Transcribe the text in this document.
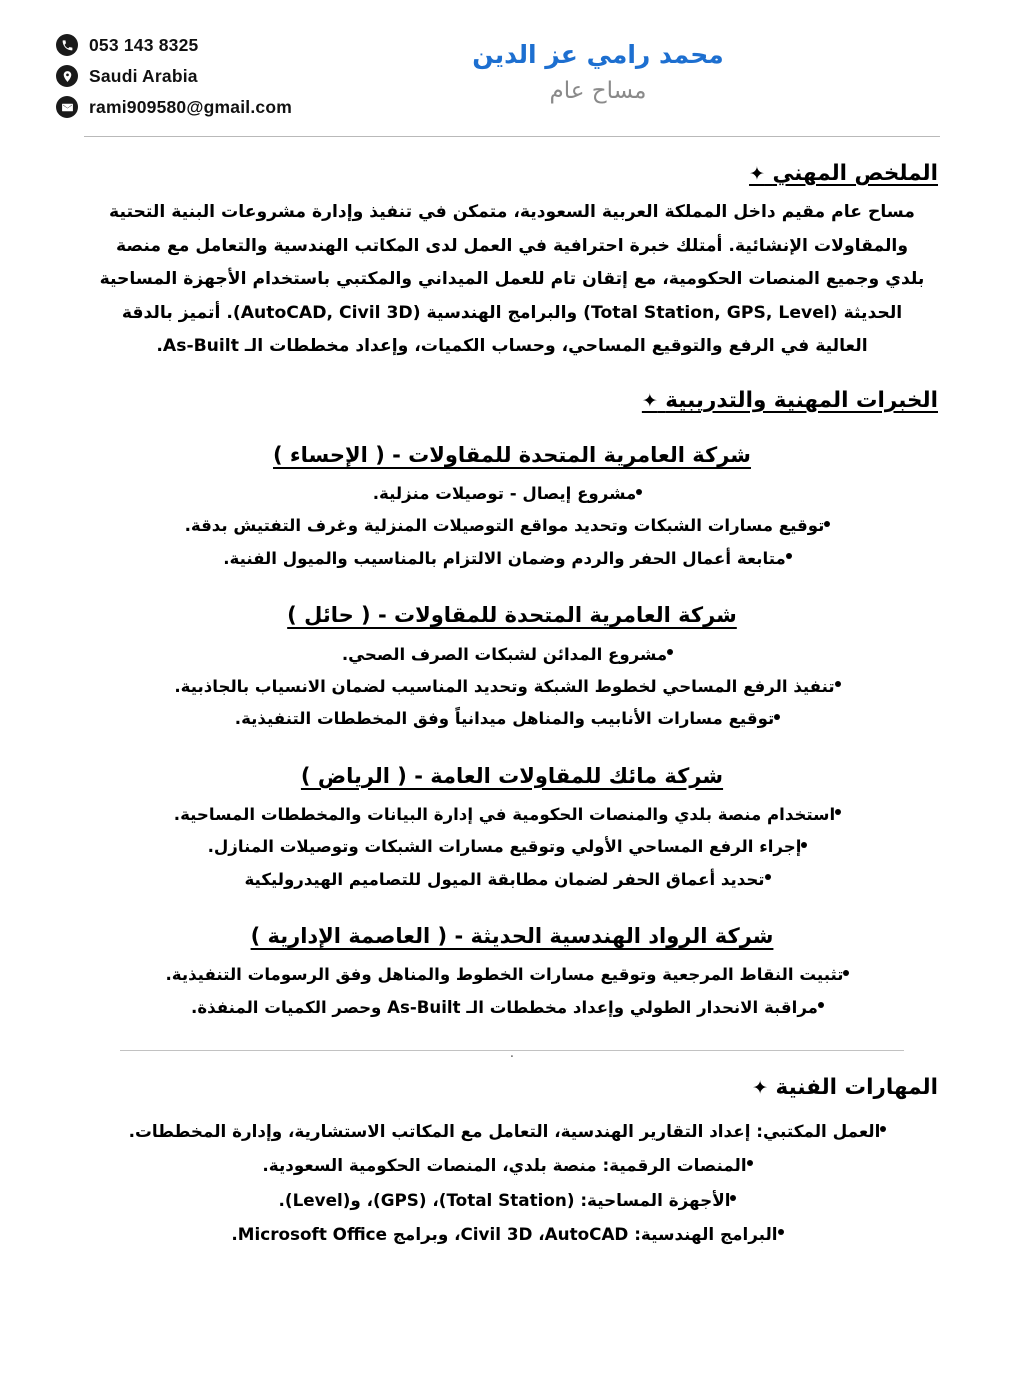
محمد رامي عز الدين
مساح عام
053 143 8325
Saudi Arabia
rami909580@gmail.com
الملخص المهني ✦
مساح عام مقيم داخل المملكة العربية السعودية، متمكن في تنفيذ وإدارة مشروعات البنية التحتية والمقاولات الإنشائية. أمتلك خبرة احترافية في العمل لدى المكاتب الهندسية والتعامل مع منصة بلدي وجميع المنصات الحكومية، مع إتقان تام للعمل الميداني والمكتبي باستخدام الأجهزة المساحية الحديثة (Total Station, GPS, Level) والبرامج الهندسية (AutoCAD, Civil 3D). أتميز بالدقة العالية في الرفع والتوقيع المساحي، وحساب الكميات، وإعداد مخططات الـ As-Built.
الخبرات المهنية والتدريبية ✦
شركة العامرية المتحدة للمقاولات - ( الإحساء )
مشروع إيصال - توصيلات منزلية.
توقيع مسارات الشبكات وتحديد مواقع التوصيلات المنزلية وغرف التفتيش بدقة.
متابعة أعمال الحفر والردم وضمان الالتزام بالمناسيب والميول الفنية.
شركة العامرية المتحدة للمقاولات - ( حائل )
مشروع المدائن لشبكات الصرف الصحي.
تنفيذ الرفع المساحي لخطوط الشبكة وتحديد المناسيب لضمان الانسياب بالجاذبية.
توقيع مسارات الأنابيب والمناهل ميدانياً وفق المخططات التنفيذية.
شركة مائك للمقاولات العامة - ( الرياض )
استخدام منصة بلدي والمنصات الحكومية في إدارة البيانات والمخططات المساحية.
إجراء الرفع المساحي الأولي وتوقيع مسارات الشبكات وتوصيلات المنازل.
تحديد أعماق الحفر لضمان مطابقة الميول للتصاميم الهيدروليكية
شركة الرواد الهندسية الحديثة - ( العاصمة الإدارية )
تثبيت النقاط المرجعية وتوقيع مسارات الخطوط والمناهل وفق الرسومات التنفيذية.
مراقبة الانحدار الطولي وإعداد مخططات الـ As-Built وحصر الكميات المنفذة.
.
المهارات الفنية ✦
العمل المكتبي: إعداد التقارير الهندسية، التعامل مع المكاتب الاستشارية، وإدارة المخططات.
المنصات الرقمية: منصة بلدي، المنصات الحكومية السعودية.
الأجهزة المساحية: (Total Station)، (GPS)، و(Level).
البرامج الهندسية: Civil 3D ،AutoCAD، وبرامج Microsoft Office.
